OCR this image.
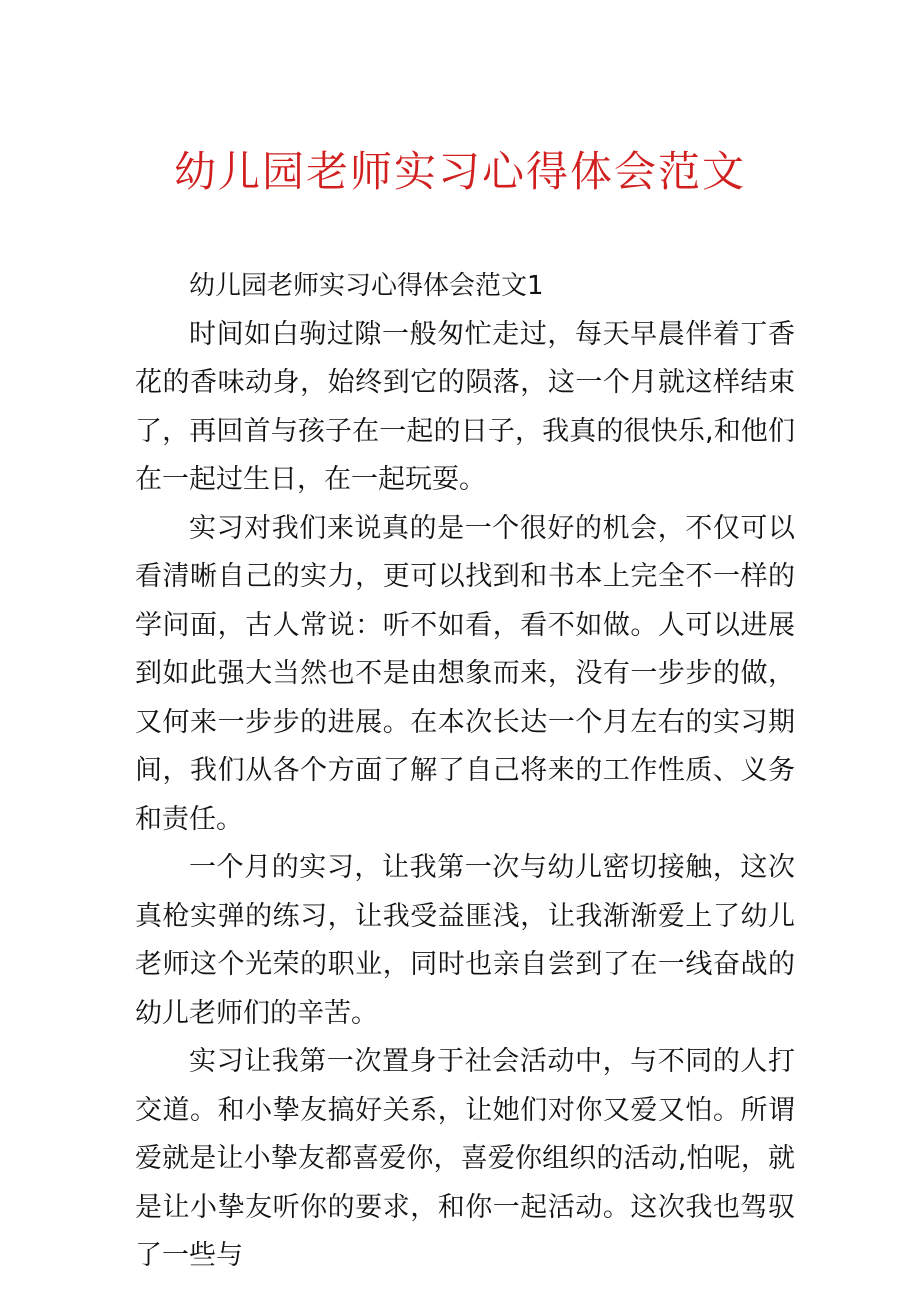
幼儿园老师实习心得体会范文

幼儿园老师实习心得体会范文1

时间如白驹过隙一般匆忙走过，每天早晨伴着丁香花的香味动身，始终到它的陨落，这一个月就这样结束了，再回首与孩子在一起的日子，我真的很快乐,和他们在一起过生日，在一起玩耍。

实习对我们来说真的是一个很好的机会，不仅可以看清晰自己的实力，更可以找到和书本上完全不一样的学问面，古人常说：听不如看，看不如做。人可以进展到如此强大当然也不是由想象而来，没有一步步的做，又何来一步步的进展。在本次长达一个月左右的实习期间，我们从各个方面了解了自己将来的工作性质、义务和责任。

一个月的实习，让我第一次与幼儿密切接触，这次真枪实弹的练习，让我受益匪浅，让我渐渐爱上了幼儿老师这个光荣的职业，同时也亲自尝到了在一线奋战的幼儿老师们的辛苦。

实习让我第一次置身于社会活动中，与不同的人打交道。和小挚友搞好关系，让她们对你又爱又怕。所谓爱就是让小挚友都喜爱你，喜爱你组织的活动,怕呢，就是让小挚友听你的要求，和你一起活动。这次我也驾驭了一些与
